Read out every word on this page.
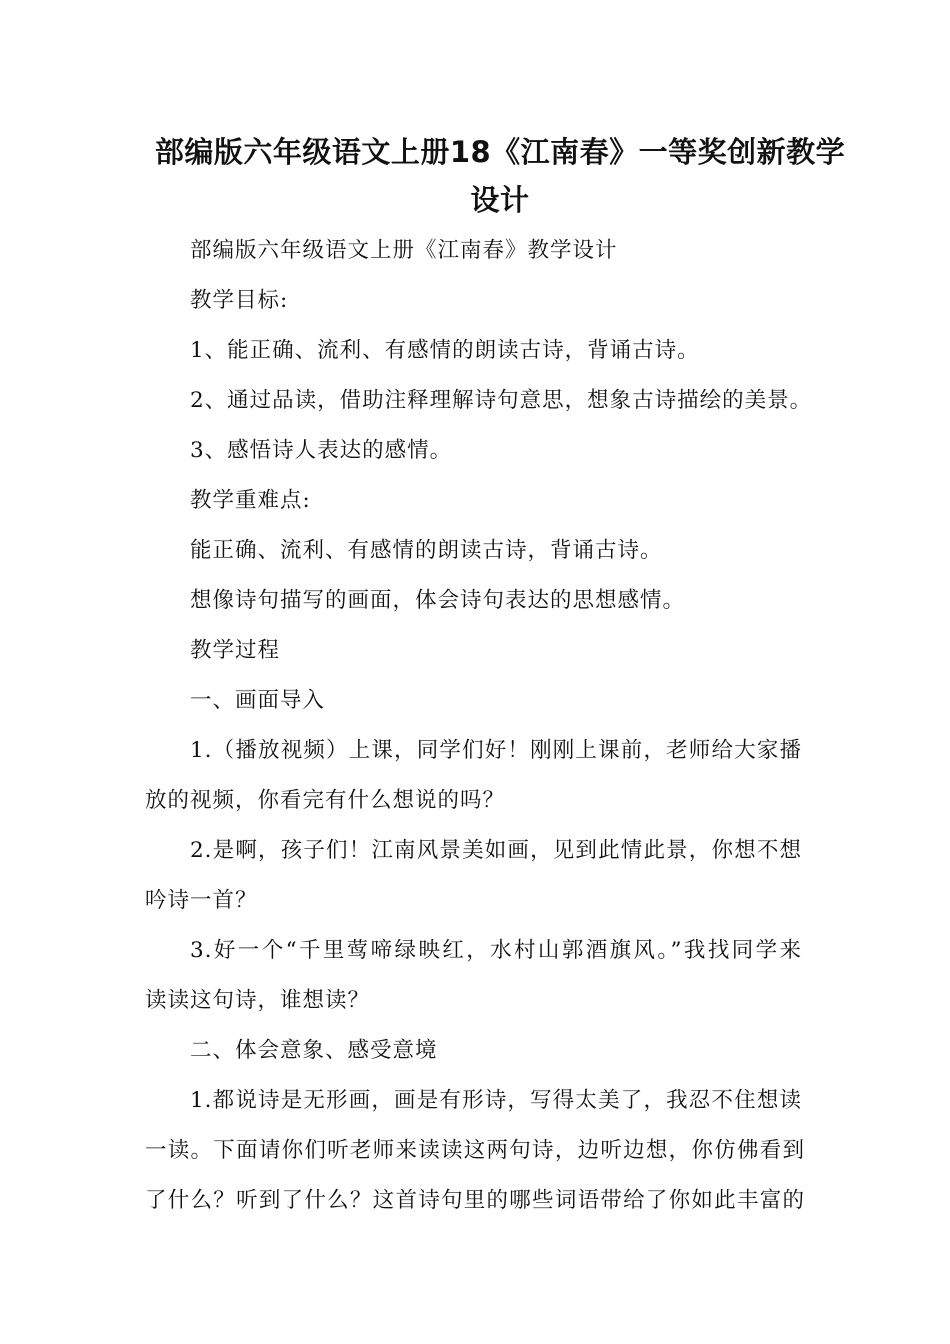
部编版六年级语文上册18《江南春》一等奖创新教学
设计
部编版六年级语文上册《江南春》教学设计
教学目标:
1、能正确、流利、有感情的朗读古诗，背诵古诗。
2、通过品读，借助注释理解诗句意思，想象古诗描绘的美景。
3、感悟诗人表达的感情。
教学重难点:
能正确、流利、有感情的朗读古诗，背诵古诗。
想像诗句描写的画面，体会诗句表达的思想感情。
教学过程
一、画面导入
1.（播放视频）上课，同学们好！刚刚上课前，老师给大家播
放的视频，你看完有什么想说的吗？
2.是啊，孩子们！江南风景美如画，见到此情此景，你想不想
吟诗一首？
3.好一个“千里莺啼绿映红，水村山郭酒旗风。”我找同学来
读读这句诗，谁想读？
二、体会意象、感受意境
1.都说诗是无形画，画是有形诗，写得太美了，我忍不住想读
一读。下面请你们听老师来读读这两句诗，边听边想，你仿佛看到
了什么？听到了什么？这首诗句里的哪些词语带给了你如此丰富的
